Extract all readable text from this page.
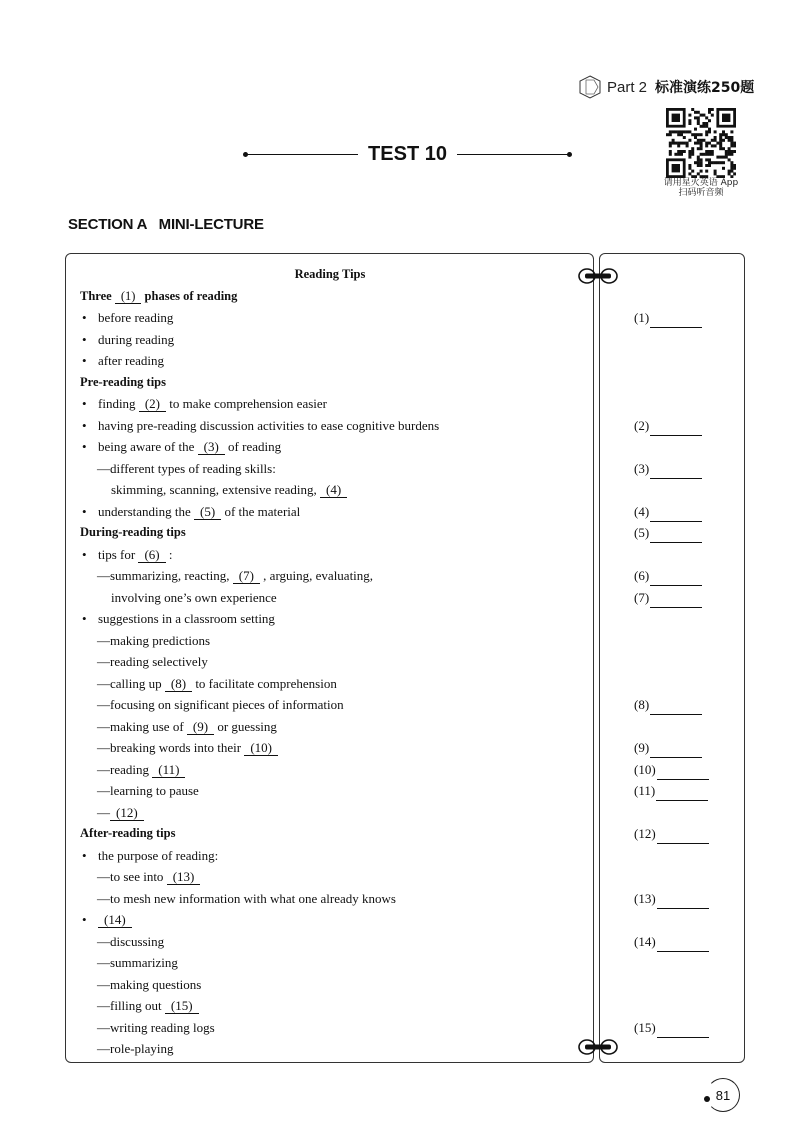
Part 2 标准演练250题
请用星火英语 App
扫码听音频
TEST 10
SECTION A   MINI-LECTURE
Reading Tips
Three (1) phases of reading
• before reading
• during reading
• after reading
Pre-reading tips
• finding (2) to make comprehension easier
• having pre-reading discussion activities to ease cognitive burdens
• being aware of the (3) of reading
—different types of reading skills:
skimming, scanning, extensive reading, (4)
• understanding the (5) of the material
During-reading tips
• tips for (6) :
—summarizing, reacting, (7) , arguing, evaluating,
involving one’s own experience
• suggestions in a classroom setting
—making predictions
—reading selectively
—calling up (8) to facilitate comprehension
—focusing on significant pieces of information
—making use of (9) or guessing
—breaking words into their (10)
—reading (11)
—learning to pause
— (12)
After-reading tips
• the purpose of reading:
—to see into (13)
—to mesh new information with what one already knows
• (14)
—discussing
—summarizing
—making questions
—filling out (15)
—writing reading logs
—role-playing
(1)
(2)
(3)
(4)
(5)
(6)
(7)
(8)
(9)
(10)
(11)
(12)
(13)
(14)
(15)
81
